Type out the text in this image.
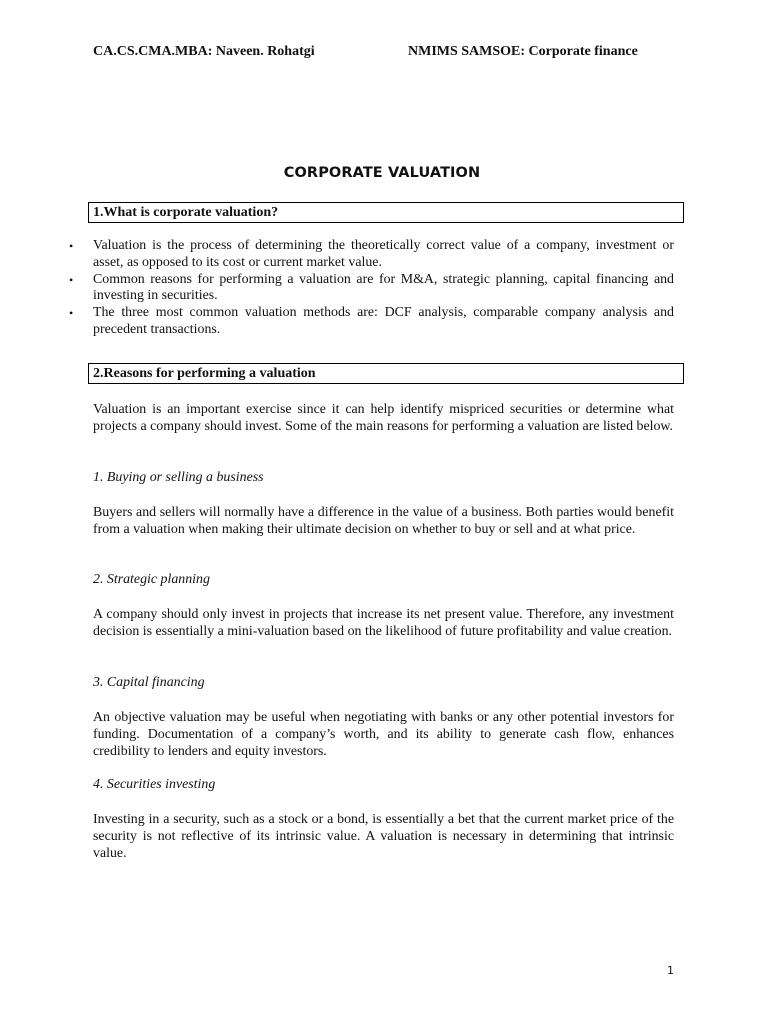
CA.CS.CMA.MBA: Naveen. Rohatgi	NMIMS SAMSOE: Corporate finance
CORPORATE VALUATION
1.What is corporate valuation?
• Valuation is the process of determining the theoretically correct value of a company, investment or asset, as opposed to its cost or current market value.
• Common reasons for performing a valuation are for M&A, strategic planning, capital financing and investing in securities.
• The three most common valuation methods are: DCF analysis, comparable company analysis and precedent transactions.
2.Reasons for performing a valuation

Valuation is an important exercise since it can help identify mispriced securities or determine what projects a company should invest. Some of the main reasons for performing a valuation are listed below.

1. Buying or selling a business

Buyers and sellers will normally have a difference in the value of a business. Both parties would benefit from a valuation when making their ultimate decision on whether to buy or sell and at what price.

2. Strategic planning

A company should only invest in projects that increase its net present value. Therefore, any investment decision is essentially a mini-valuation based on the likelihood of future profitability and value creation.

3. Capital financing

An objective valuation may be useful when negotiating with banks or any other potential investors for funding. Documentation of a company’s worth, and its ability to generate cash flow, enhances credibility to lenders and equity investors.

4. Securities investing

Investing in a security, such as a stock or a bond, is essentially a bet that the current market price of the security is not reflective of its intrinsic value. A valuation is necessary in determining that intrinsic value.

1
